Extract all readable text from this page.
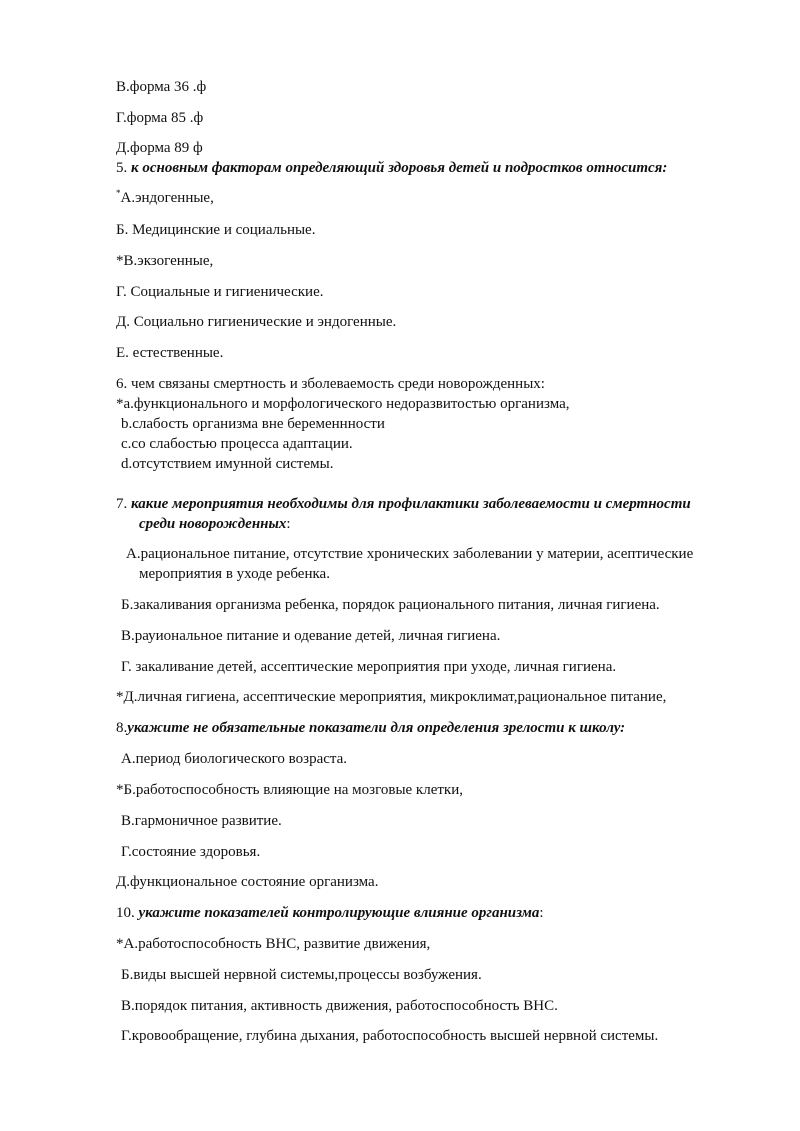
В.форма 36 .ф
Г.форма 85 .ф
Д.форма 89 ф
5. к основным факторам определяющий здоровья детей и подростков относится:
*А.эндогенные,
Б. Медицинские и социальные.
*В.экзогенные,
Г. Социальные и гигиенические.
Д. Социально гигиенические и эндогенные.
Е. естественные.
6. чем связаны смертность и зболеваемость среди новорожденных:
*a.функционального и морфологического недоразвитостью организма,
b.слабость организма вне беременнности
c.со слабостью процесса адаптации.
d.отсутствием имунной системы.
7. какие мероприятия необходимы для профилактики заболеваемости и смертности
среди новорожденных:
А.рациональное питание, отсутствие хронических заболевании у материи, асептические
мероприятия в уходе ребенка.
Б.закаливания организма ребенка, порядок рационального питания, личная гигиена.
В.рауиональное питание и одевание детей, личная гигиена.
Г. закаливание детей, ассептические мероприятия при уходе, личная гигиена.
*Д.личная гигиена, ассептические мероприятия, микроклимат,рациональное питание,
8.укажите не обязательные показатели для определения зрелости к школу:
А.период биологического возраста.
*Б.работоспособность влияющие на мозговые клетки,
В.гармоничное развитие.
Г.состояние здоровья.
Д.функциональное состояние организма.
10. укажите показателей контролирующие влияние организма:
*А.работоспособность ВНС, развитие движения,
Б.виды высшей нервной системы,процессы возбужения.
В.порядок питания, активность движения, работоспособность ВНС.
Г.кровообращение, глубина дыхания, работоспособность высшей нервной системы.
